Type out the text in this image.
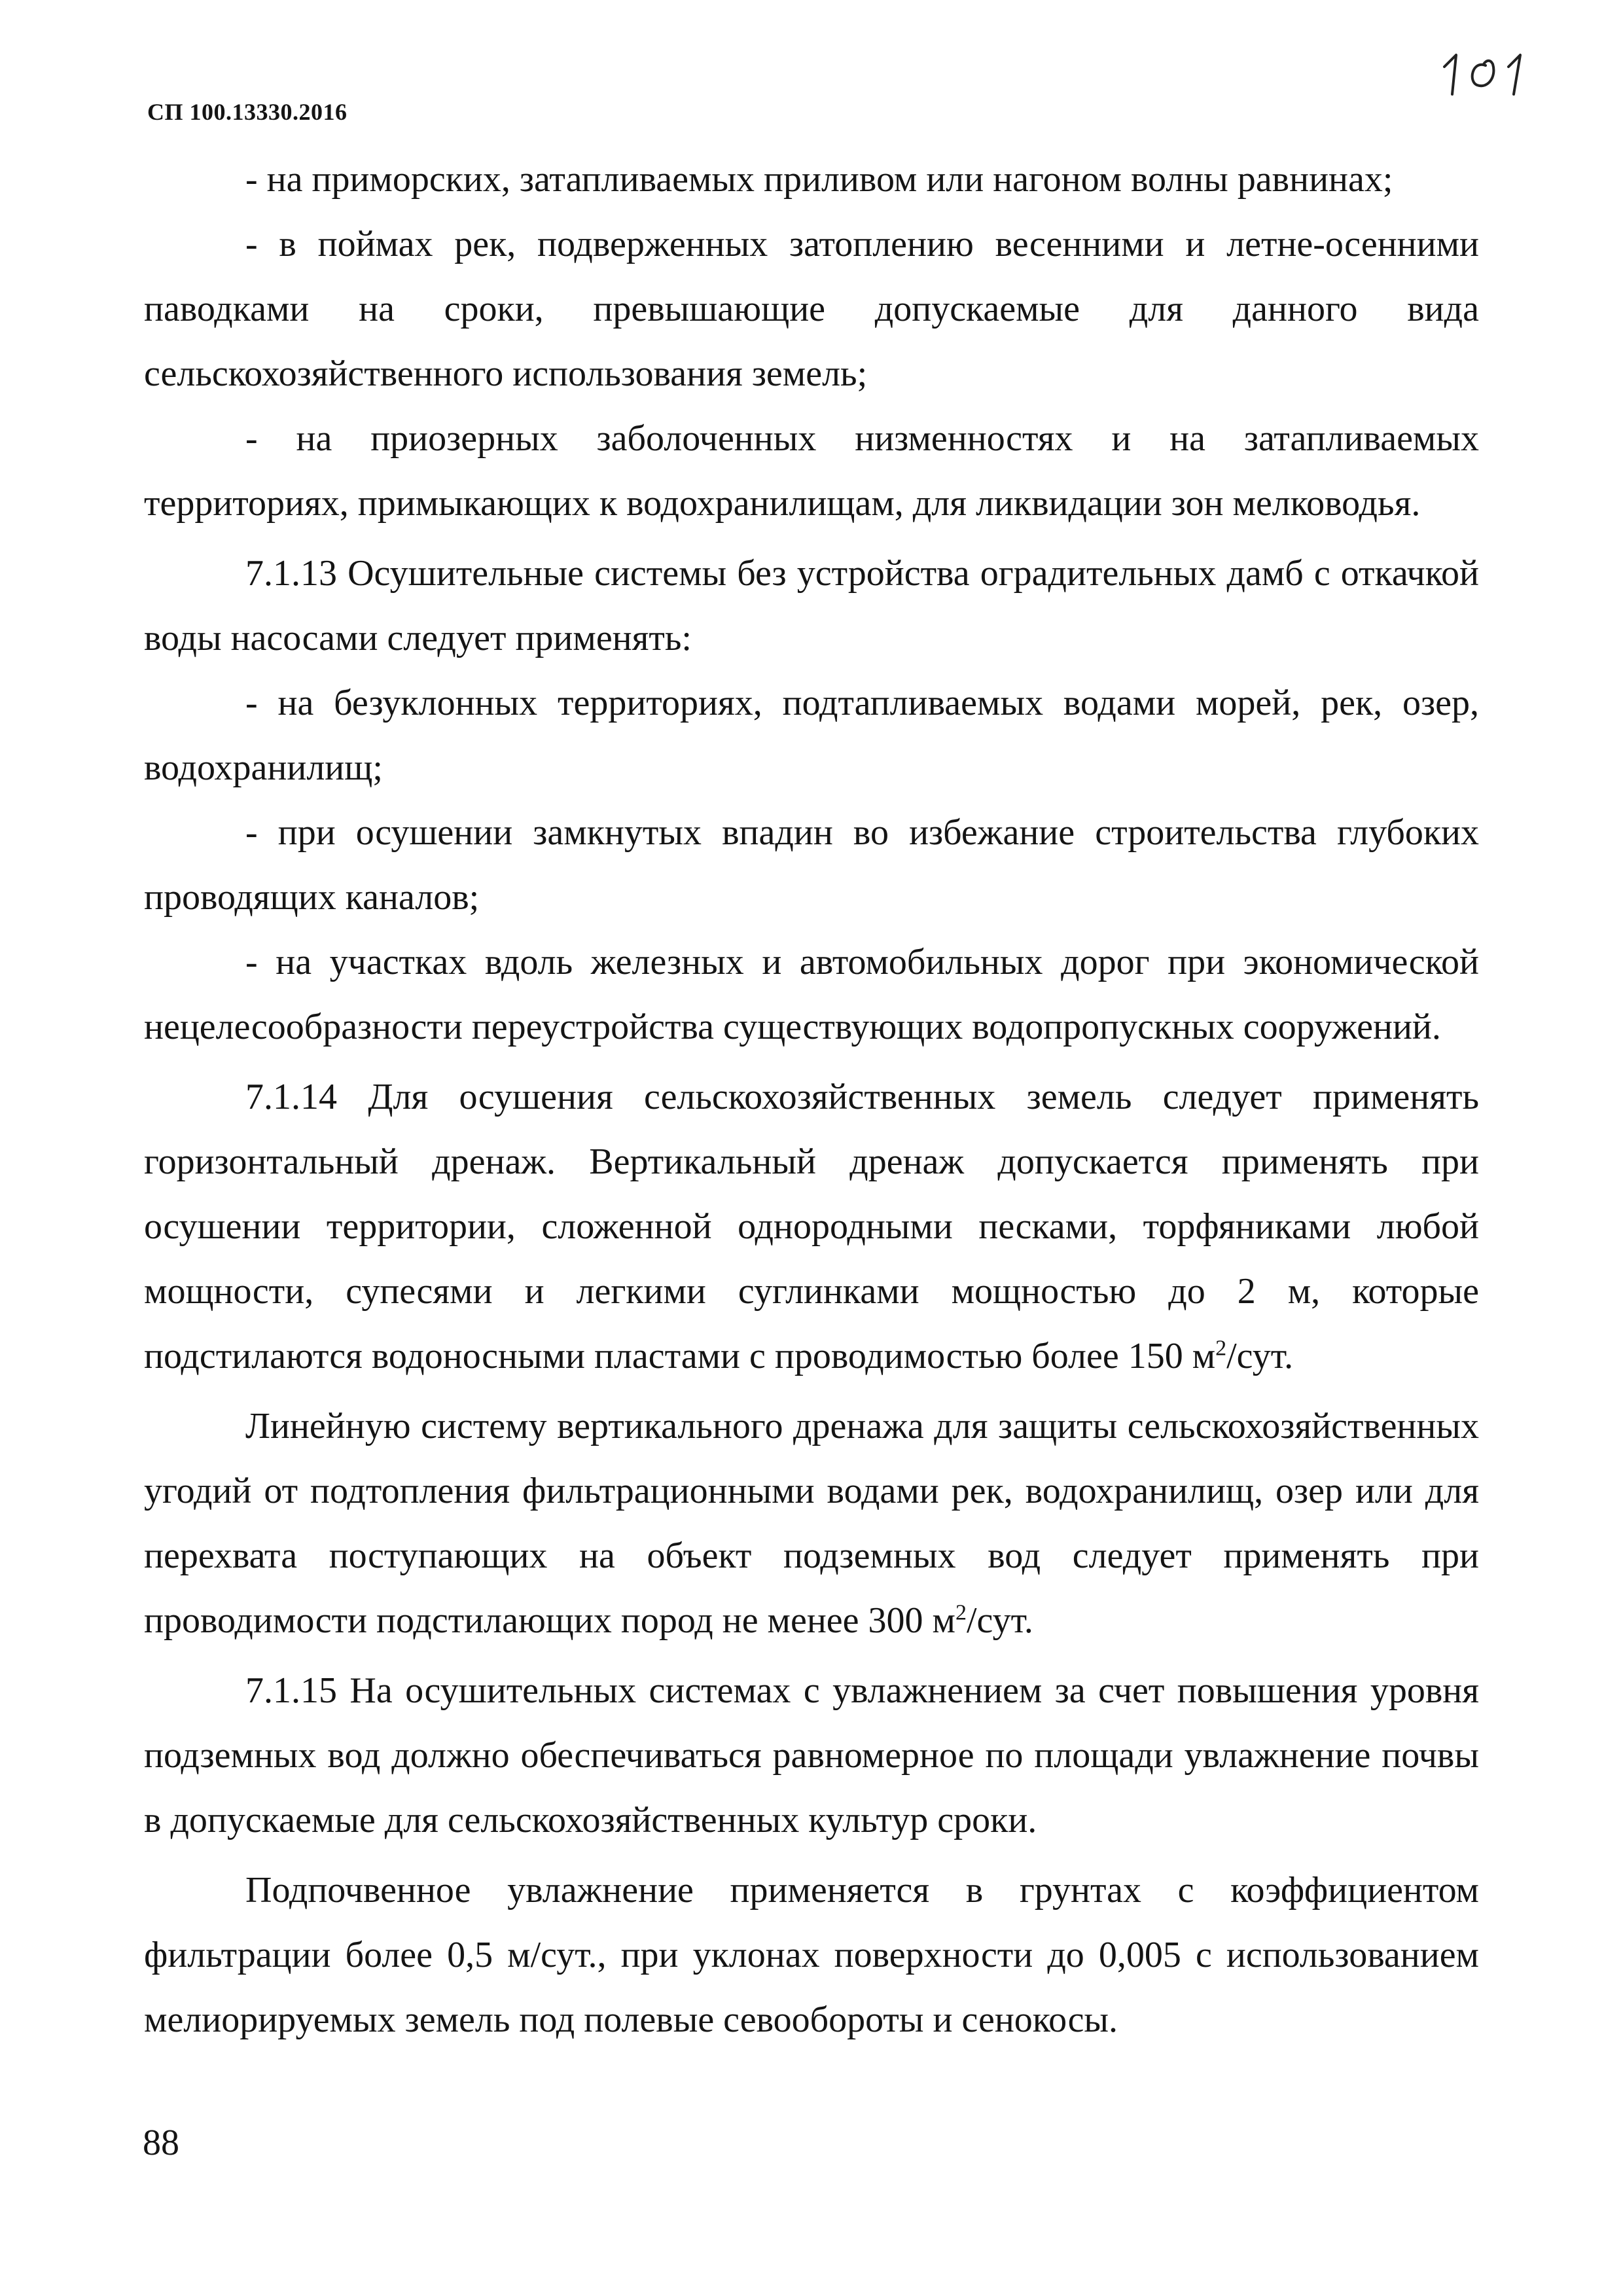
СП 100.13330.2016

- на приморских, затапливаемых приливом или нагоном волны равнинах;

- в поймах рек, подверженных затоплению весенними и летне-осенними паводками на сроки, превышающие допускаемые для данного вида сельскохозяйственного использования земель;

- на приозерных заболоченных низменностях и на затапливаемых территориях, примыкающих к водохранилищам, для ликвидации зон мелководья.

7.1.13 Осушительные системы без устройства оградительных дамб с откачкой воды насосами следует применять:

- на безуклонных территориях, подтапливаемых водами морей, рек, озер, водохранилищ;

- при осушении замкнутых впадин во избежание строительства глубоких проводящих каналов;

- на участках вдоль железных и автомобильных дорог при экономической нецелесообразности переустройства существующих водопропускных сооружений.

7.1.14 Для осушения сельскохозяйственных земель следует применять горизонтальный дренаж. Вертикальный дренаж допускается применять при осушении территории, сложенной однородными песками, торфяниками любой мощности, супесями и легкими суглинками мощностью до 2 м, которые подстилаются водоносными пластами с проводимостью более 150 $м^2$/сут.

Линейную систему вертикального дренажа для защиты сельскохозяйственных угодий от подтопления фильтрационными водами рек, водохранилищ, озер или для перехвата поступающих на объект подземных вод следует применять при проводимости подстилающих пород не менее 300 $м^2$/сут.

7.1.15 На осушительных системах с увлажнением за счет повышения уровня подземных вод должно обеспечиваться равномерное по площади увлажнение почвы в допускаемые для сельскохозяйственных культур сроки.

Подпочвенное увлажнение применяется в грунтах с коэффициентом фильтрации более 0,5 м/сут., при уклонах поверхности до 0,005 с использованием мелиорируемых земель под полевые севообороты и сенокосы.

88
